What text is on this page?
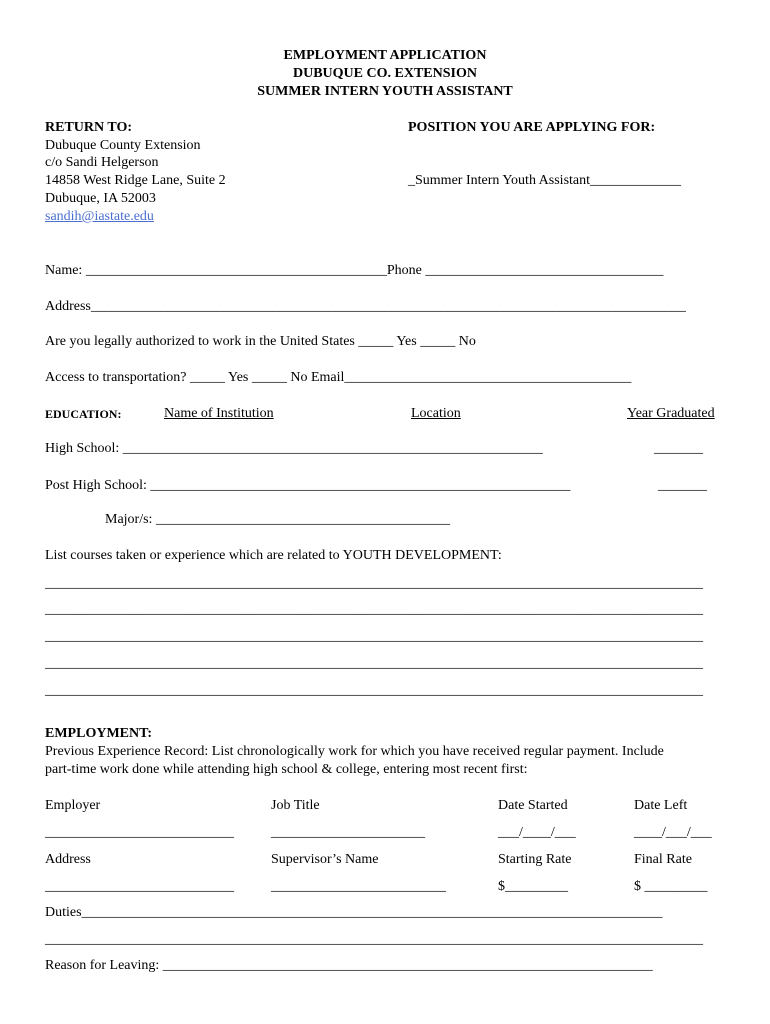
EMPLOYMENT APPLICATION
DUBUQUE CO. EXTENSION
SUMMER INTERN YOUTH ASSISTANT
RETURN TO:
Dubuque County Extension
c/o Sandi Helgerson
14858 West Ridge Lane, Suite 2
Dubuque, IA 52003
sandih@iastate.edu
POSITION YOU ARE APPLYING FOR:
_Summer Intern Youth Assistant_____________
Name: ___________________________________________Phone __________________________________
Address_____________________________________________________________________________________
Are you legally authorized to work in the United States _____ Yes _____ No
Access to transportation? _____ Yes _____ No Email_________________________________________
EDUCATION:	Name of Institution	Location	Year Graduated
High School: ____________________________________________________________	_______
Post High School: ____________________________________________________________	_______
Major/s: __________________________________________
List courses taken or experience which are related to YOUTH DEVELOPMENT:
______________________________________________________________________________________________
______________________________________________________________________________________________
______________________________________________________________________________________________
______________________________________________________________________________________________
______________________________________________________________________________________________
EMPLOYMENT:
Previous Experience Record: List chronologically work for which you have received regular payment. Include
part-time work done while attending high school & college, entering most recent first:
Employer	Job Title	Date Started	Date Left
___________________________	______________________	___/____/___	____/___/___
Address	Supervisor’s Name	Starting Rate	Final Rate
___________________________	_________________________	$_________	$ _________
Duties___________________________________________________________________________________
______________________________________________________________________________________________
Reason for Leaving: ______________________________________________________________________
